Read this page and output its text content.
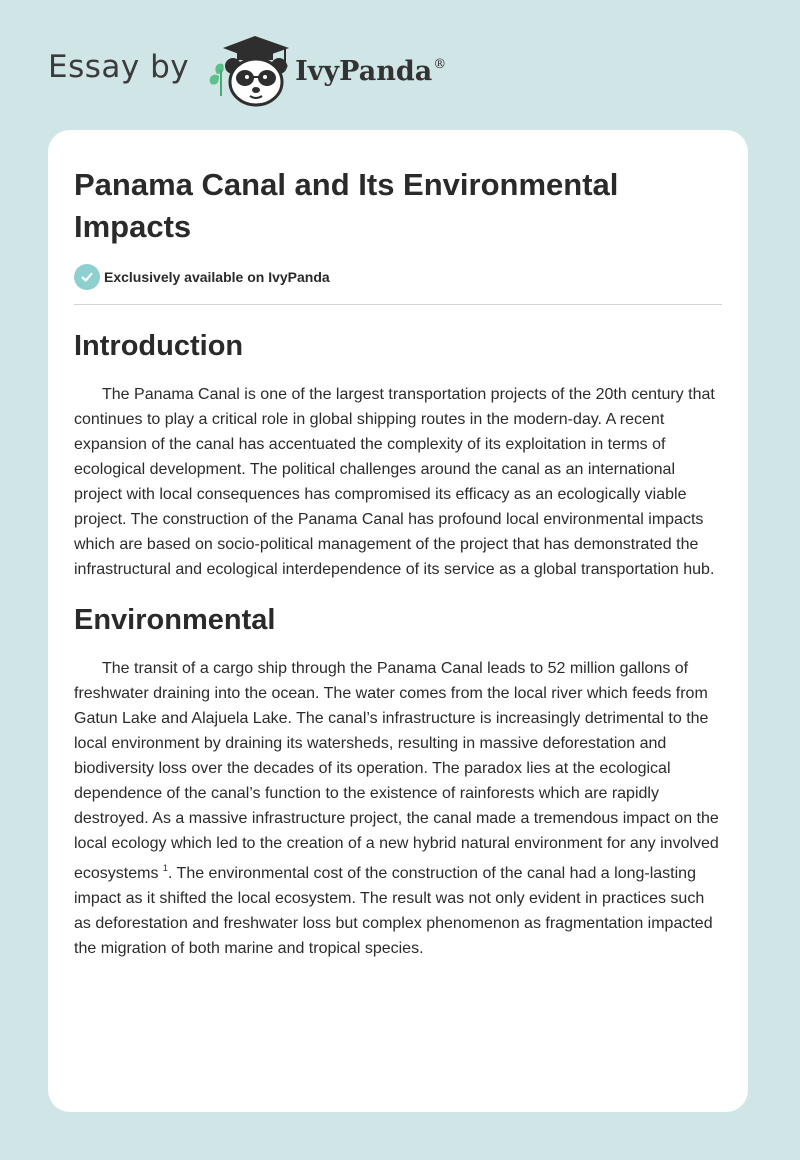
Essay by	IvyPanda®
Panama Canal and Its Environmental Impacts
Exclusively available on IvyPanda
Introduction

The Panama Canal is one of the largest transportation projects of the 20th century that continues to play a critical role in global shipping routes in the modern-day. A recent expansion of the canal has accentuated the complexity of its exploitation in terms of ecological development. The political challenges around the canal as an international project with local consequences has compromised its efficacy as an ecologically viable project. The construction of the Panama Canal has profound local environmental impacts which are based on socio-political management of the project that has demonstrated the infrastructural and ecological interdependence of its service as a global transportation hub.

Environmental

The transit of a cargo ship through the Panama Canal leads to 52 million gallons of freshwater draining into the ocean. The water comes from the local river which feeds from Gatun Lake and Alajuela Lake. The canal’s infrastructure is increasingly detrimental to the local environment by draining its watersheds, resulting in massive deforestation and biodiversity loss over the decades of its operation. The paradox lies at the ecological dependence of the canal’s function to the existence of rainforests which are rapidly destroyed. As a massive infrastructure project, the canal made a tremendous impact on the local ecology which led to the creation of a new hybrid natural environment for any involved ecosystems $^1$. The environmental cost of the construction of the canal had a long-lasting impact as it shifted the local ecosystem. The result was not only evident in practices such as deforestation and freshwater loss but complex phenomenon as fragmentation impacted the migration of both marine and tropical species.
